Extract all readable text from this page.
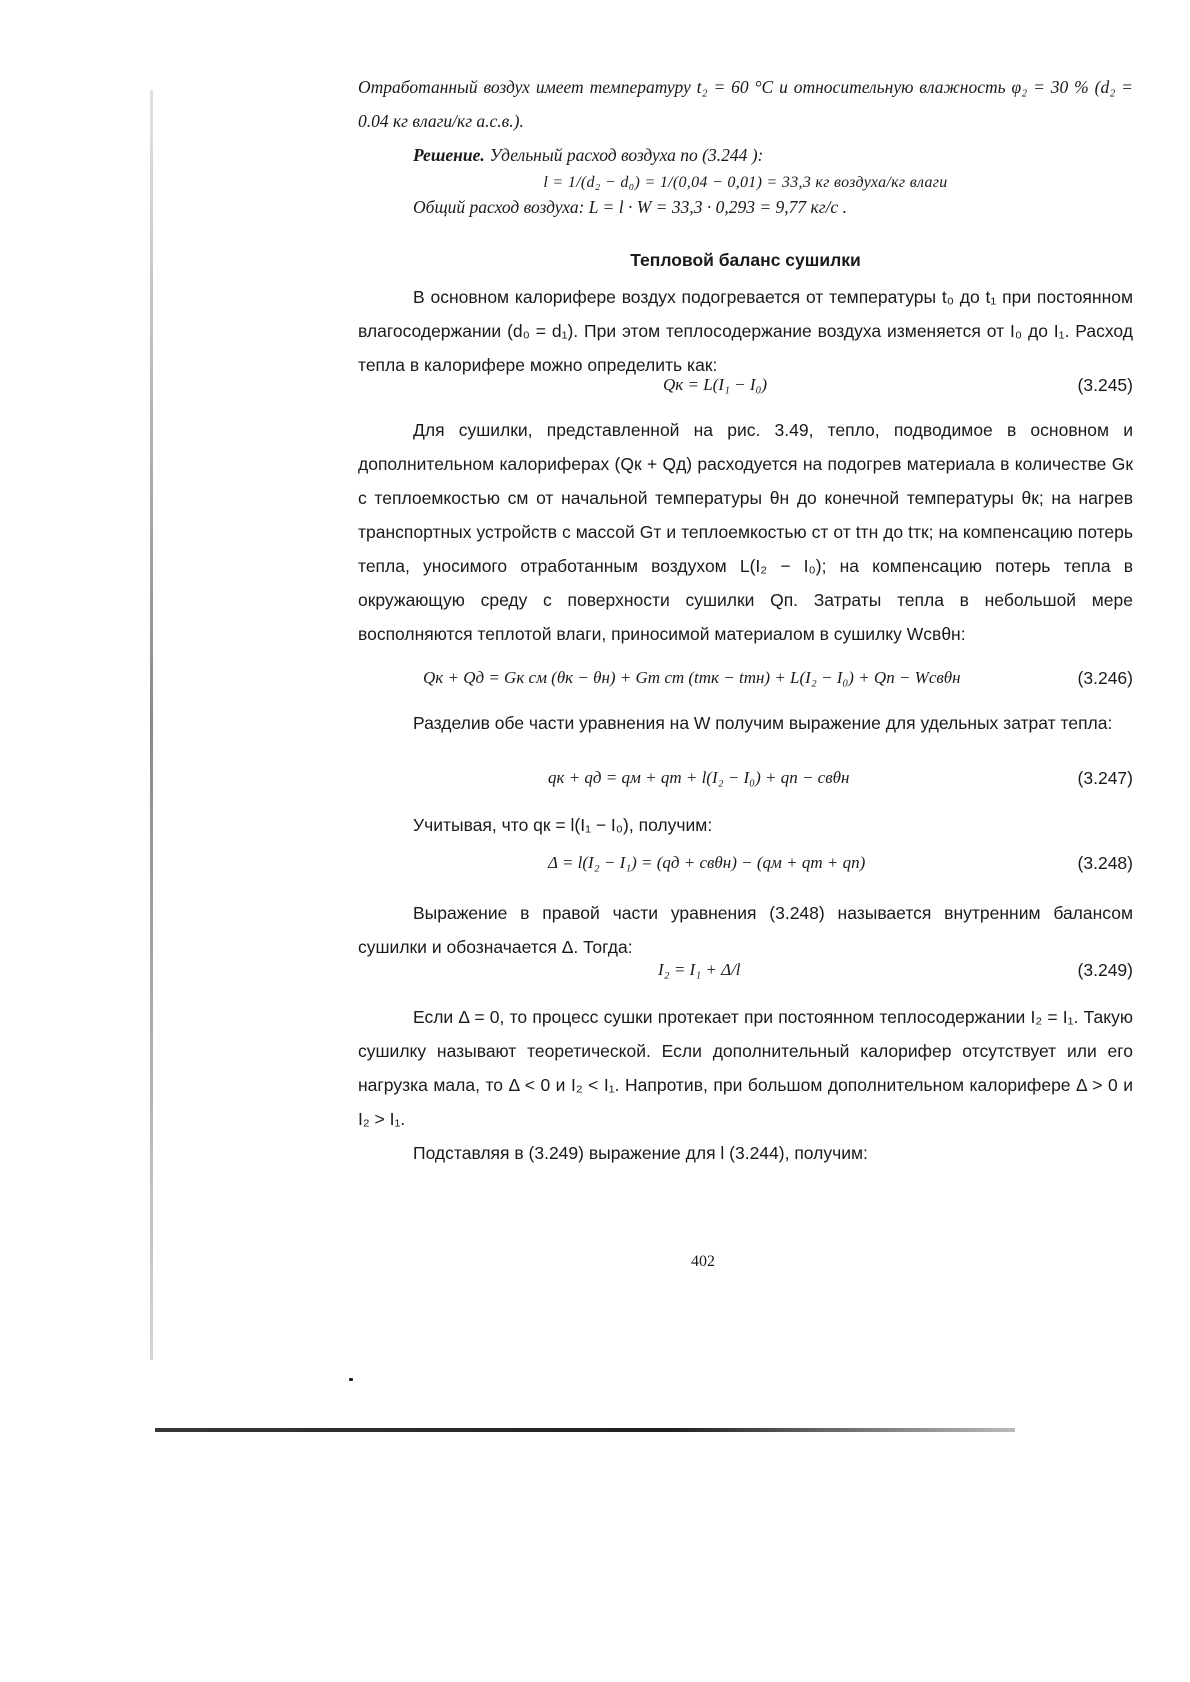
Отработанный воздух имеет температуру t₂ = 60 °C и относительную влажность φ₂ = 30 % (d₂ = 0.04 кг влаги/кг а.с.в.).
Решение. Удельный расход воздуха по (3.244 ):
l = 1/(d₂ − d₀) = 1/(0,04 − 0,01) = 33,3 кг воздуха/кг влаги
Общий расход воздуха: L = l · W = 33,3 · 0,293 = 9,77 кг/с .
Тепловой баланс сушилки
В основном калорифере воздух подогревается от температуры t₀ до t₁ при постоянном влагосодержании (d₀ = d₁). При этом теплосодержание воздуха изменяется от I₀ до I₁. Расход тепла в калорифере можно определить как:
Qк = L(I₁ − I₀)	(3.245)
Для сушилки, представленной на рис. 3.49, тепло, подводимое в основном и дополнительном калориферах (Qк + Qд) расходуется на подогрев материала в количестве Gк с теплоемкостью cм от начальной температуры θн до конечной температуры θк; на нагрев транспортных устройств с массой Gт и теплоемкостью cт от tтн до tтк; на компенсацию потерь тепла, уносимого отработанным воздухом L(I₂ − I₀); на компенсацию потерь тепла в окружающую среду с поверхности сушилки Qп. Затраты тепла в небольшой мере восполняются теплотой влаги, приносимой материалом в сушилку Wcвθн:
Qк + Qд = Gк cм (θк − θн) + Gт cт (tтк − tтн) + L(I₂ − I₀) + Qп − Wcвθн	(3.246)
Разделив обе части уравнения на W получим выражение для удельных затрат тепла:
qк + qд = qм + qт + l(I₂ − I₀) + qп − cвθн	(3.247)
Учитывая, что qк = l(I₁ − I₀), получим:
Δ = l(I₂ − I₁) = (qд + cвθн) − (qм + qт + qп)	(3.248)
Выражение в правой части уравнения (3.248) называется внутренним балансом сушилки и обозначается Δ. Тогда:
I₂ = I₁ + Δ/l	(3.249)
Если Δ = 0, то процесс сушки протекает при постоянном теплосодержании I₂ = I₁. Такую сушилку называют теоретической. Если дополнительный калорифер отсутствует или его нагрузка мала, то Δ < 0 и I₂ < I₁. Напротив, при большом дополнительном калорифере Δ > 0 и I₂ > I₁.
Подставляя в (3.249) выражение для l (3.244), получим:
402
